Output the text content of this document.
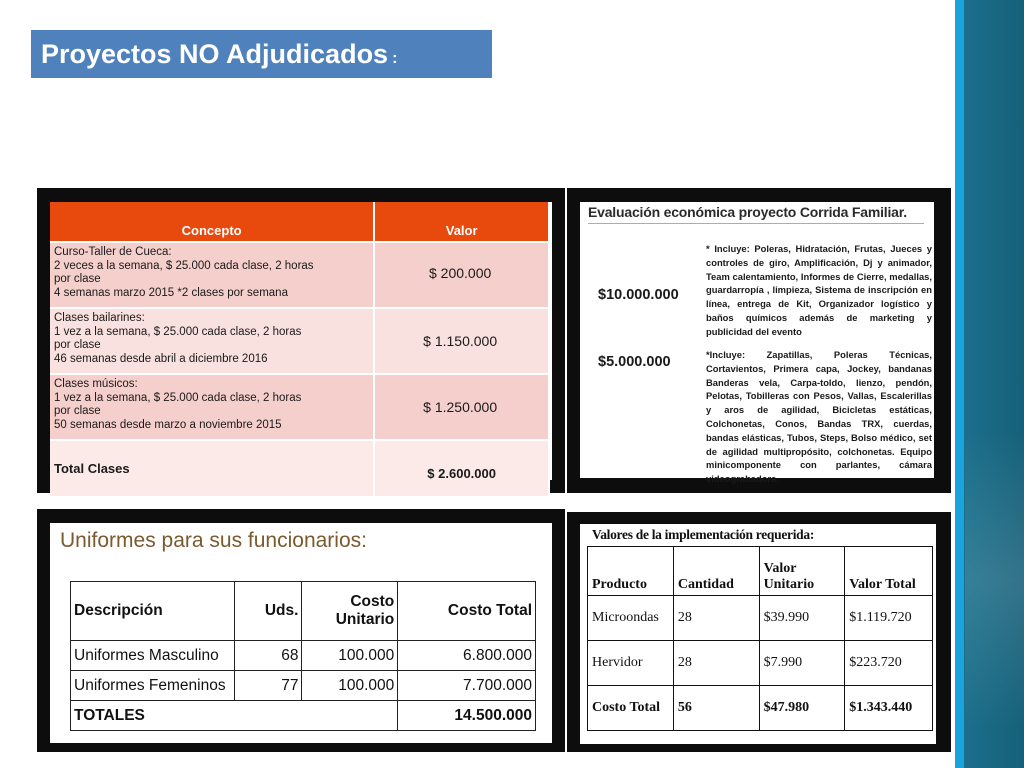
Proyectos NO Adjudicados :
Concepto	Valor

Curso-Taller de Cueca:
2 veces a la semana, $ 25.000 cada clase, 2 horas
por clase
4 semanas marzo 2015 *2 clases por semana	$ 200.000

Clases bailarines:
1 vez a la semana, $ 25.000 cada clase, 2 horas
por clase
46 semanas desde abril a diciembre 2016	$ 1.150.000

Clases músicos:
1 vez a la semana, $ 25.000 cada clase, 2 horas
por clase
50 semanas desde marzo a noviembre 2015	$ 1.250.000
Total Clases	$ 2.600.000
Evaluación económica proyecto Corrida Familiar.
$10.000.000
* Incluye: Poleras, Hidratación, Frutas, Jueces y controles de giro, Amplificación, Dj y animador, Team calentamiento, Informes de Cierre, medallas, guardarropía , limpieza, Sistema de inscripción en línea, entrega de Kit, Organizador logístico y baños químicos además de marketing y publicidad del evento
$5.000.000	*Incluye: Zapatillas, Poleras Técnicas, Cortavientos, Primera capa, Jockey, bandanas Banderas vela, Carpa-toldo, lienzo, pendón, Pelotas, Tobilleras con Pesos, Vallas, Escalerillas y aros de agilidad, Bicicletas estáticas, Colchonetas, Conos, Bandas TRX, cuerdas, bandas elásticas, Tubos, Steps, Bolso médico, set de agilidad multipropósito, colchonetas. Equipo minicomponente con parlantes, cámara videograbadora.
Uniformes para sus funcionarios:
Descripción	Uds.	Costo
Unitario	Costo Total
Uniformes Masculino	68	100.000	6.800.000
Uniformes Femeninos	77	100.000	7.700.000
TOTALES			14.500.000
Valores de la implementación requerida:
Producto	Cantidad	Valor Unitario	Valor Total
Microondas	28	$39.990	$1.119.720
Hervidor	28	$7.990	$223.720
Costo Total	56	$47.980	$1.343.440
